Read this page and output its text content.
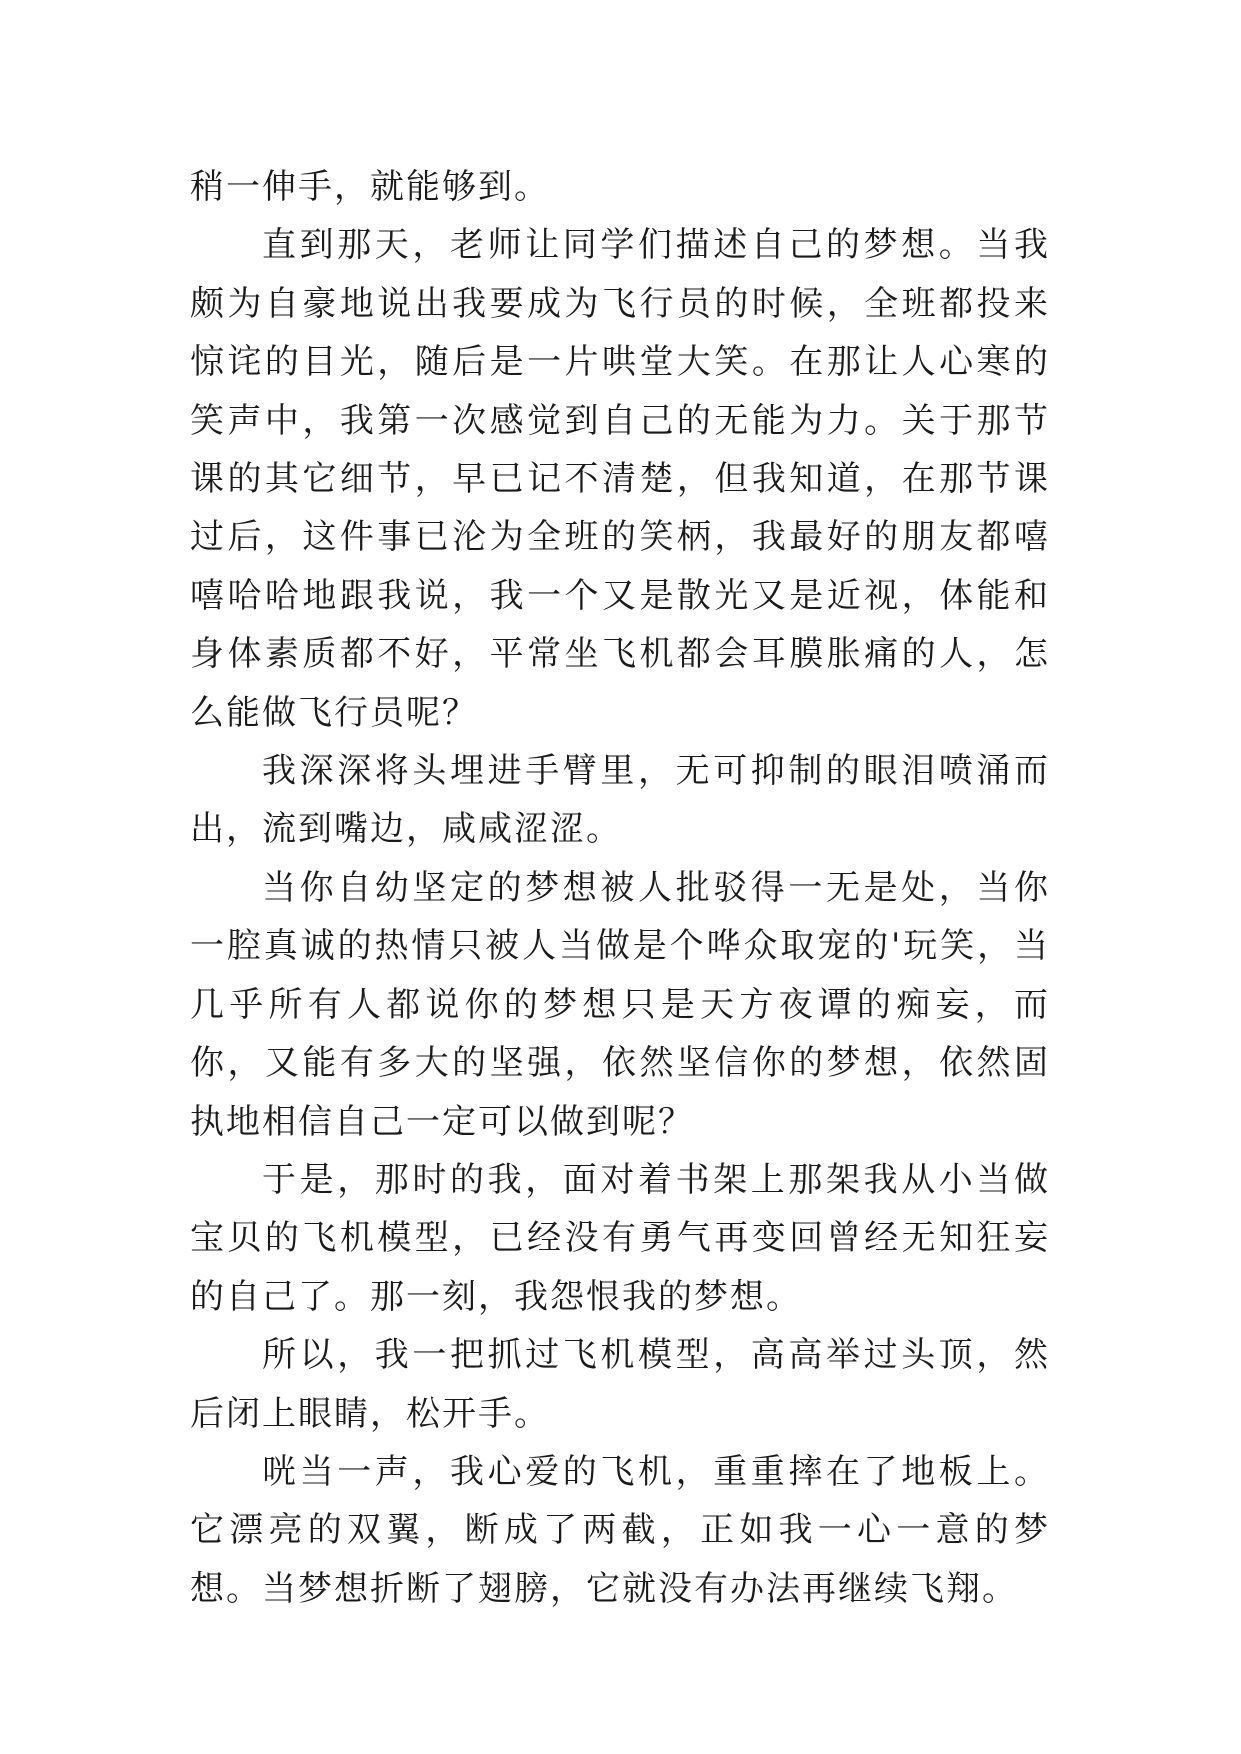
稍一伸手，就能够到。

直到那天，老师让同学们描述自己的梦想。当我颇为自豪地说出我要成为飞行员的时候，全班都投来惊诧的目光，随后是一片哄堂大笑。在那让人心寒的笑声中，我第一次感觉到自己的无能为力。关于那节课的其它细节，早已记不清楚，但我知道，在那节课过后，这件事已沦为全班的笑柄，我最好的朋友都嘻嘻哈哈地跟我说，我一个又是散光又是近视，体能和身体素质都不好，平常坐飞机都会耳膜胀痛的人，怎么能做飞行员呢？

我深深将头埋进手臂里，无可抑制的眼泪喷涌而出，流到嘴边，咸咸涩涩。

当你自幼坚定的梦想被人批驳得一无是处，当你一腔真诚的热情只被人当做是个哗众取宠的'玩笑，当几乎所有人都说你的梦想只是天方夜谭的痴妄，而你，又能有多大的坚强，依然坚信你的梦想，依然固执地相信自己一定可以做到呢？

于是，那时的我，面对着书架上那架我从小当做宝贝的飞机模型，已经没有勇气再变回曾经无知狂妄的自己了。那一刻，我怨恨我的梦想。

所以，我一把抓过飞机模型，高高举过头顶，然后闭上眼睛，松开手。

咣当一声，我心爱的飞机，重重摔在了地板上。它漂亮的双翼，断成了两截，正如我一心一意的梦想。当梦想折断了翅膀，它就没有办法再继续飞翔。
